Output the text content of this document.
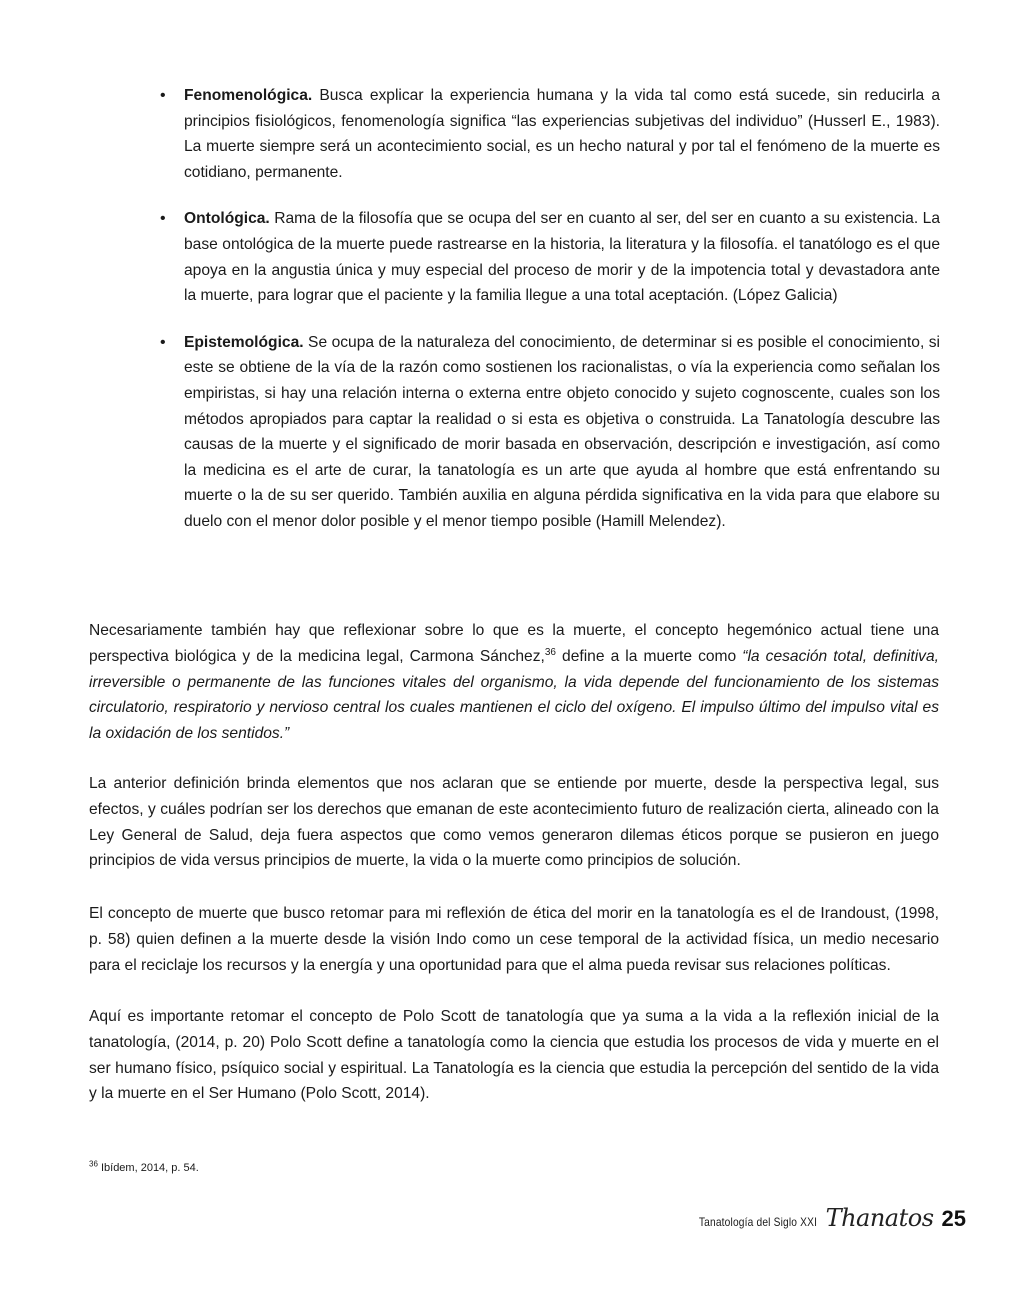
• Fenomenológica. Busca explicar la experiencia humana y la vida tal como está sucede, sin reducirla a principios fisiológicos, fenomenología significa “las experiencias subjetivas del individuo” (Husserl E., 1983). La muerte siempre será un acontecimiento social, es un hecho natural y por tal el fenómeno de la muerte es cotidiano, permanente.

• Ontológica. Rama de la filosofía que se ocupa del ser en cuanto al ser, del ser en cuanto a su existencia. La base ontológica de la muerte puede rastrearse en la historia, la literatura y la filosofía. el tanatólogo es el que apoya en la angustia única y muy especial del proceso de morir y de la impotencia total y devastadora ante la muerte, para lograr que el paciente y la familia llegue a una total aceptación. (López Galicia)

• Epistemológica. Se ocupa de la naturaleza del conocimiento, de determinar si es posible el conocimiento, si este se obtiene de la vía de la razón como sostienen los racionalistas, o vía la experiencia como señalan los empiristas, si hay una relación interna o externa entre objeto conocido y sujeto cognoscente, cuales son los métodos apropiados para captar la realidad o si esta es objetiva o construida. La Tanatología descubre las causas de la muerte y el significado de morir basada en observación, descripción e investigación, así como la medicina es el arte de curar, la tanatología es un arte que ayuda al hombre que está enfrentando su muerte o la de su ser querido. También auxilia en alguna pérdida significativa en la vida para que elabore su duelo con el menor dolor posible y el menor tiempo posible (Hamill Melendez).

Necesariamente también hay que reflexionar sobre lo que es la muerte, el concepto hegemónico actual tiene una perspectiva biológica y de la medicina legal, Carmona Sánchez,$^{36}$ define a la muerte como “la cesación total, definitiva, irreversible o permanente de las funciones vitales del organismo, la vida depende del funcionamiento de los sistemas circulatorio, respiratorio y nervioso central los cuales mantienen el ciclo del oxígeno. El impulso último del impulso vital es la oxidación de los sentidos.”

La anterior definición brinda elementos que nos aclaran que se entiende por muerte, desde la perspectiva legal, sus efectos, y cuáles podrían ser los derechos que emanan de este acontecimiento futuro de realización cierta, alineado con la Ley General de Salud, deja fuera aspectos que como vemos generaron dilemas éticos porque se pusieron en juego principios de vida versus principios de muerte, la vida o la muerte como principios de solución.

El concepto de muerte que busco retomar para mi reflexión de ética del morir en la tanatología es el de Irandoust, (1998, p. 58) quien definen a la muerte desde la visión Indo como un cese temporal de la actividad física, un medio necesario para el reciclaje los recursos y la energía y una oportunidad para que el alma pueda revisar sus relaciones políticas.

Aquí es importante retomar el concepto de Polo Scott de tanatología que ya suma a la vida a la reflexión inicial de la tanatología, (2014, p. 20) Polo Scott define a tanatología como la ciencia que estudia los procesos de vida y muerte en el ser humano físico, psíquico social y espiritual. La Tanatología es la ciencia que estudia la percepción del sentido de la vida y la muerte en el Ser Humano (Polo Scott, 2014).

$^{36}$ Ibídem, 2014, p. 54.

Tanatología del Siglo XXI Thanatos 25
